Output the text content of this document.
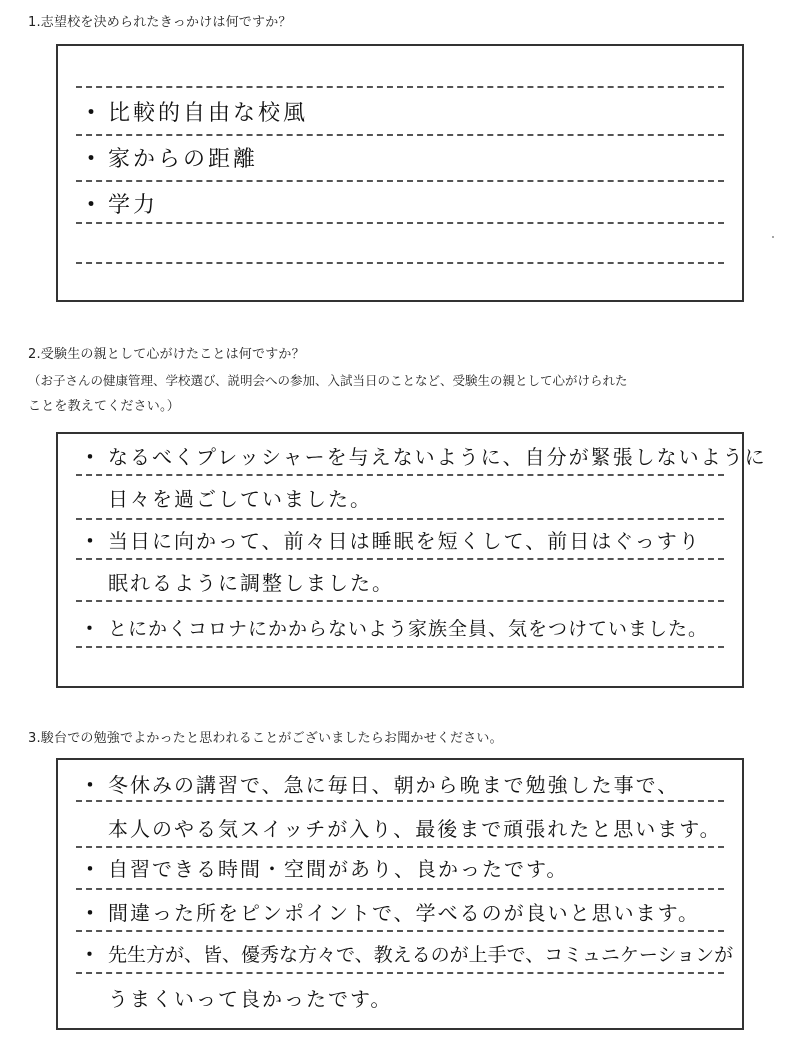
1.志望校を決められたきっかけは何ですか？
・ 比較的自由な校風
・ 家からの距離
・ 学力
2.受験生の親として心がけたことは何ですか？
（お子さんの健康管理、学校選び、説明会への参加、入試当日のことなど、受験生の親として心がけられた
ことを教えてください。）
・ なるべくプレッシャーを与えないように、自分が緊張しないように
日々を過ごしていました。
・ 当日に向かって、前々日は睡眠を短くして、前日はぐっすり
眠れるように調整しました。
・ とにかくコロナにかからないよう家族全員、気をつけていました。
3.駿台での勉強でよかったと思われることがございましたらお聞かせください。
・ 冬休みの講習で、急に毎日、朝から晩まで勉強した事で、
本人のやる気スイッチが入り、最後まで頑張れたと思います。
・ 自習できる時間・空間があり、良かったです。
・ 間違った所をピンポイントで、学べるのが良いと思います。
・ 先生方が、皆、優秀な方々で、教えるのが上手で、コミュニケーションが
うまくいって良かったです。
